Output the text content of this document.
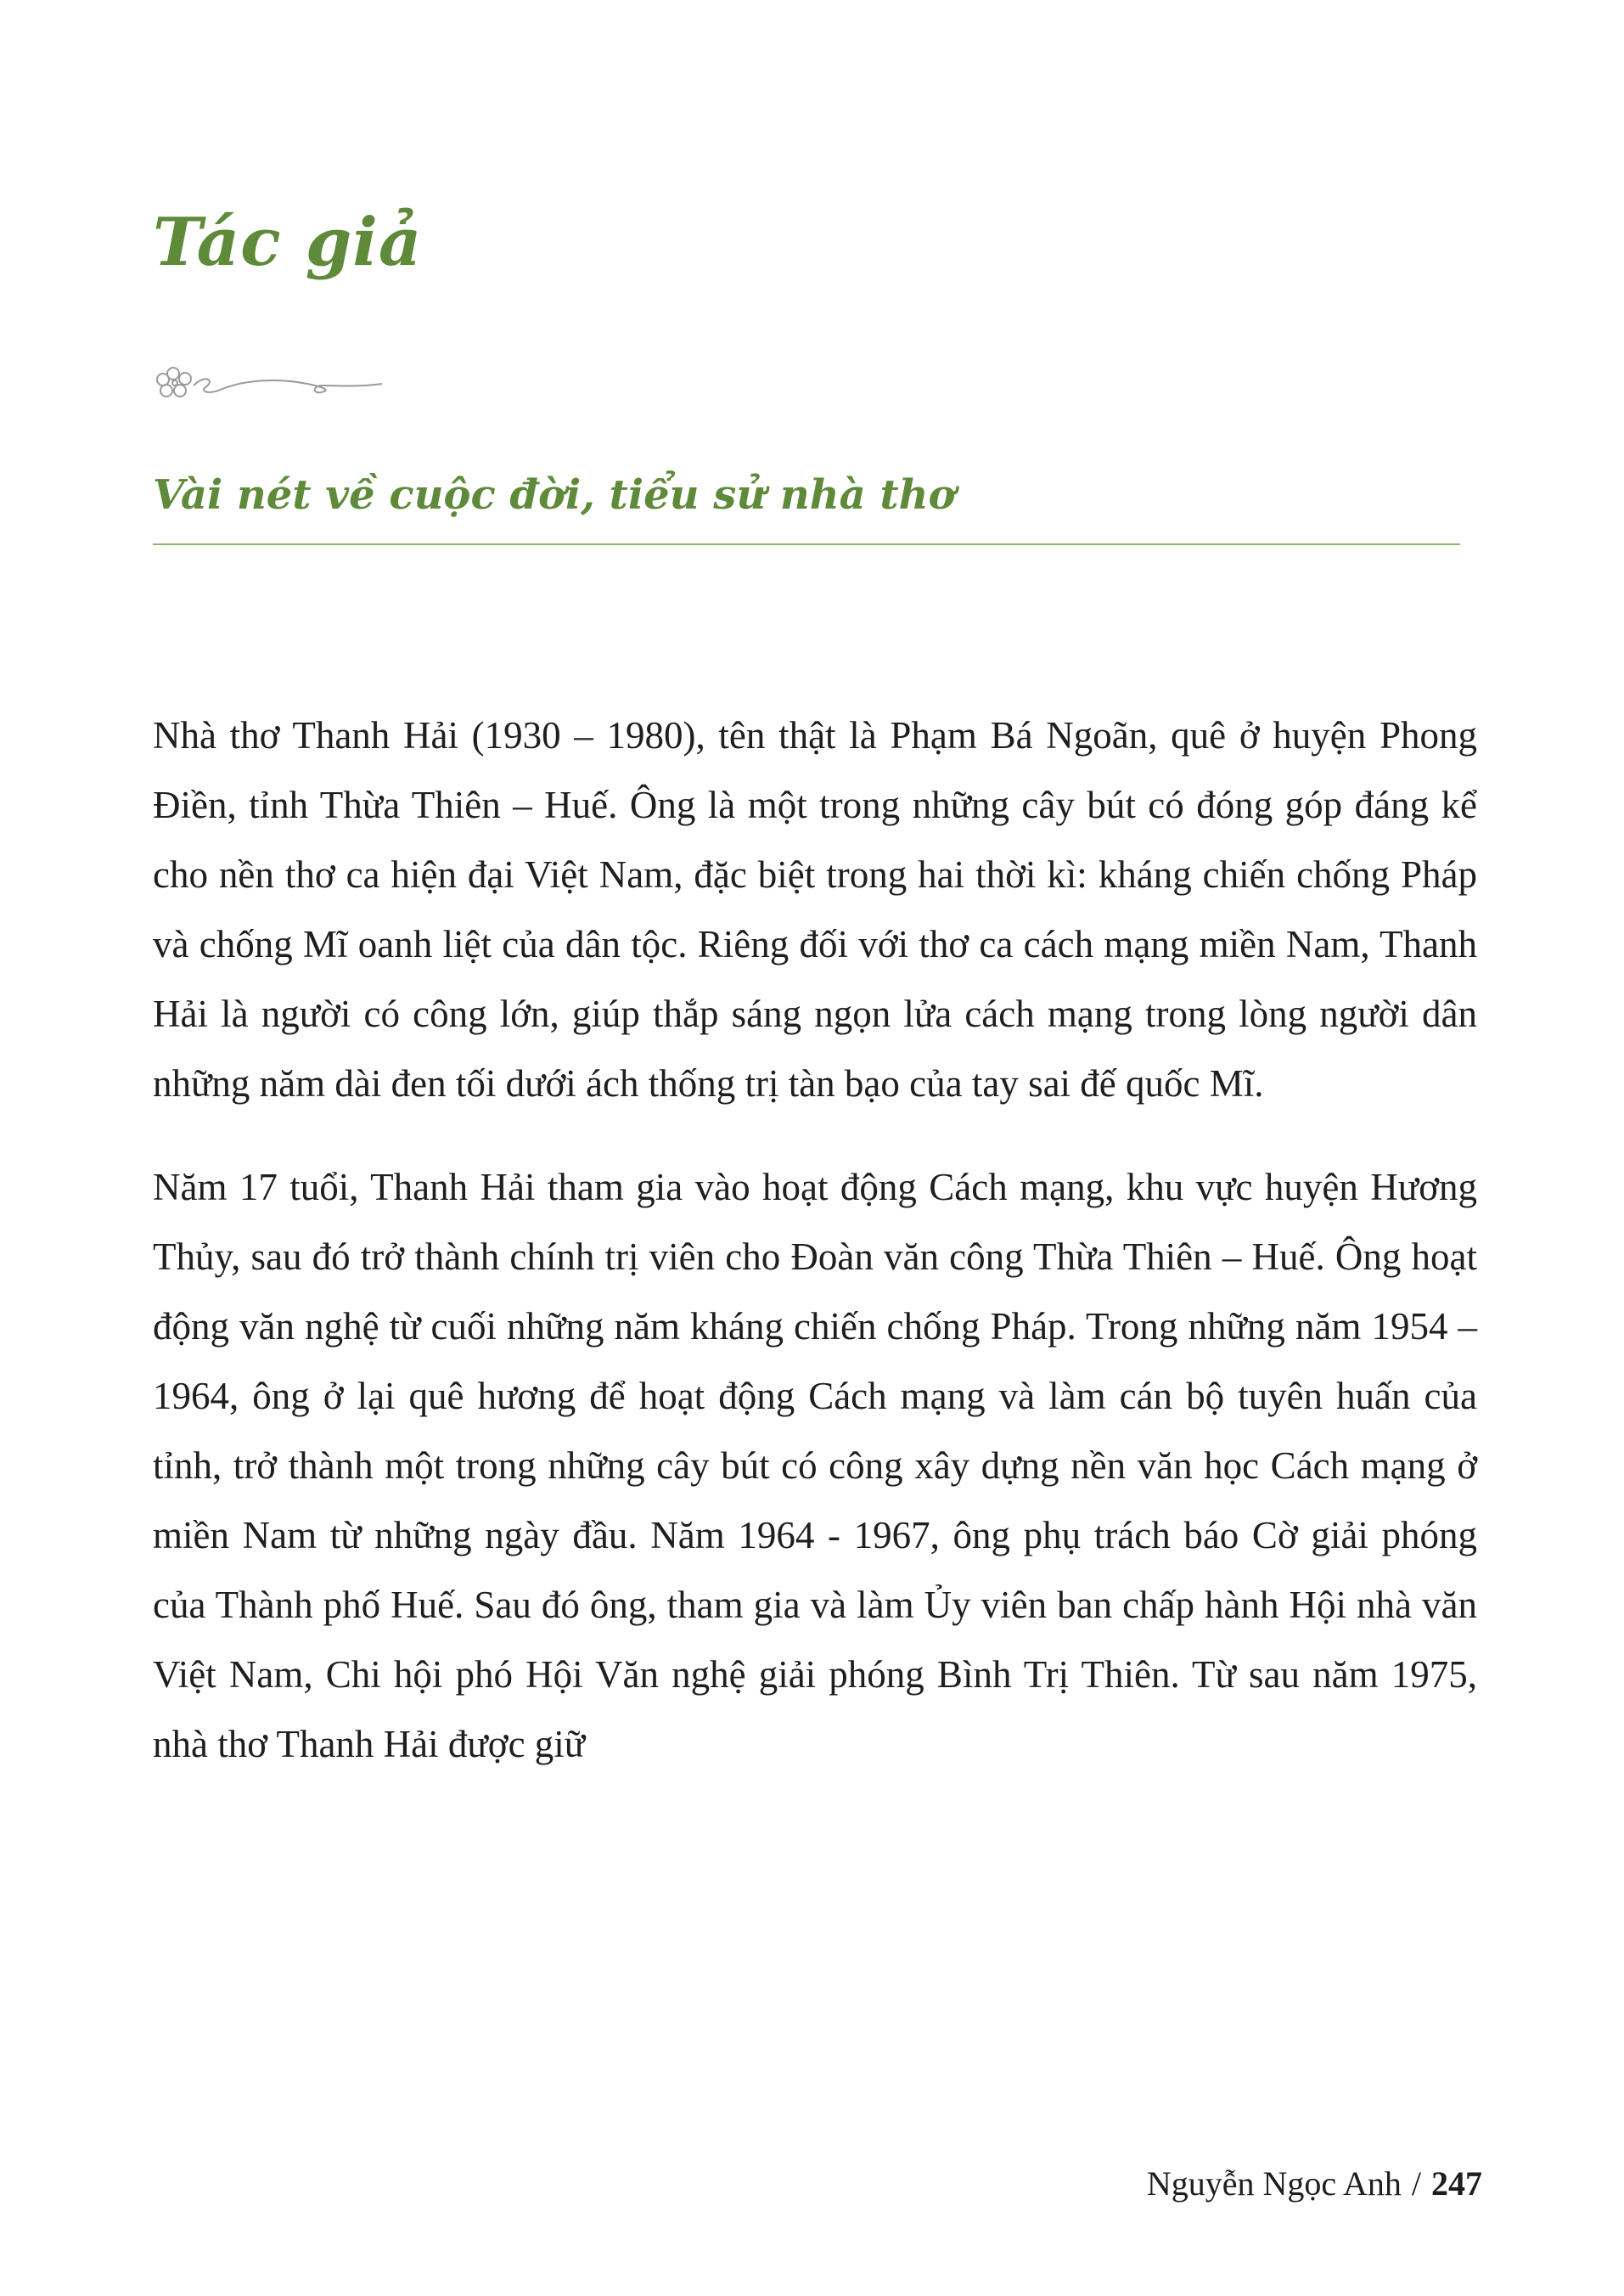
Tác giả
Vài nét về cuộc đời, tiểu sử nhà thơ

Nhà thơ Thanh Hải (1930 – 1980), tên thật là Phạm Bá Ngoãn, quê ở huyện Phong Điền, tỉnh Thừa Thiên – Huế. Ông là một trong những cây bút có đóng góp đáng kể cho nền thơ ca hiện đại Việt Nam, đặc biệt trong hai thời kì: kháng chiến chống Pháp và chống Mĩ oanh liệt của dân tộc. Riêng đối với thơ ca cách mạng miền Nam, Thanh Hải là người có công lớn, giúp thắp sáng ngọn lửa cách mạng trong lòng người dân những năm dài đen tối dưới ách thống trị tàn bạo của tay sai đế quốc Mĩ.

Năm 17 tuổi, Thanh Hải tham gia vào hoạt động Cách mạng, khu vực huyện Hương Thủy, sau đó trở thành chính trị viên cho Đoàn văn công Thừa Thiên – Huế. Ông hoạt động văn nghệ từ cuối những năm kháng chiến chống Pháp. Trong những năm 1954 – 1964, ông ở lại quê hương để hoạt động Cách mạng và làm cán bộ tuyên huấn của tỉnh, trở thành một trong những cây bút có công xây dựng nền văn học Cách mạng ở miền Nam từ những ngày đầu. Năm 1964 - 1967, ông phụ trách báo Cờ giải phóng của Thành phố Huế. Sau đó ông, tham gia và làm Ủy viên ban chấp hành Hội nhà văn Việt Nam, Chi hội phó Hội Văn nghệ giải phóng Bình Trị Thiên. Từ sau năm 1975, nhà thơ Thanh Hải được giữ

Nguyễn Ngọc Anh / 247
